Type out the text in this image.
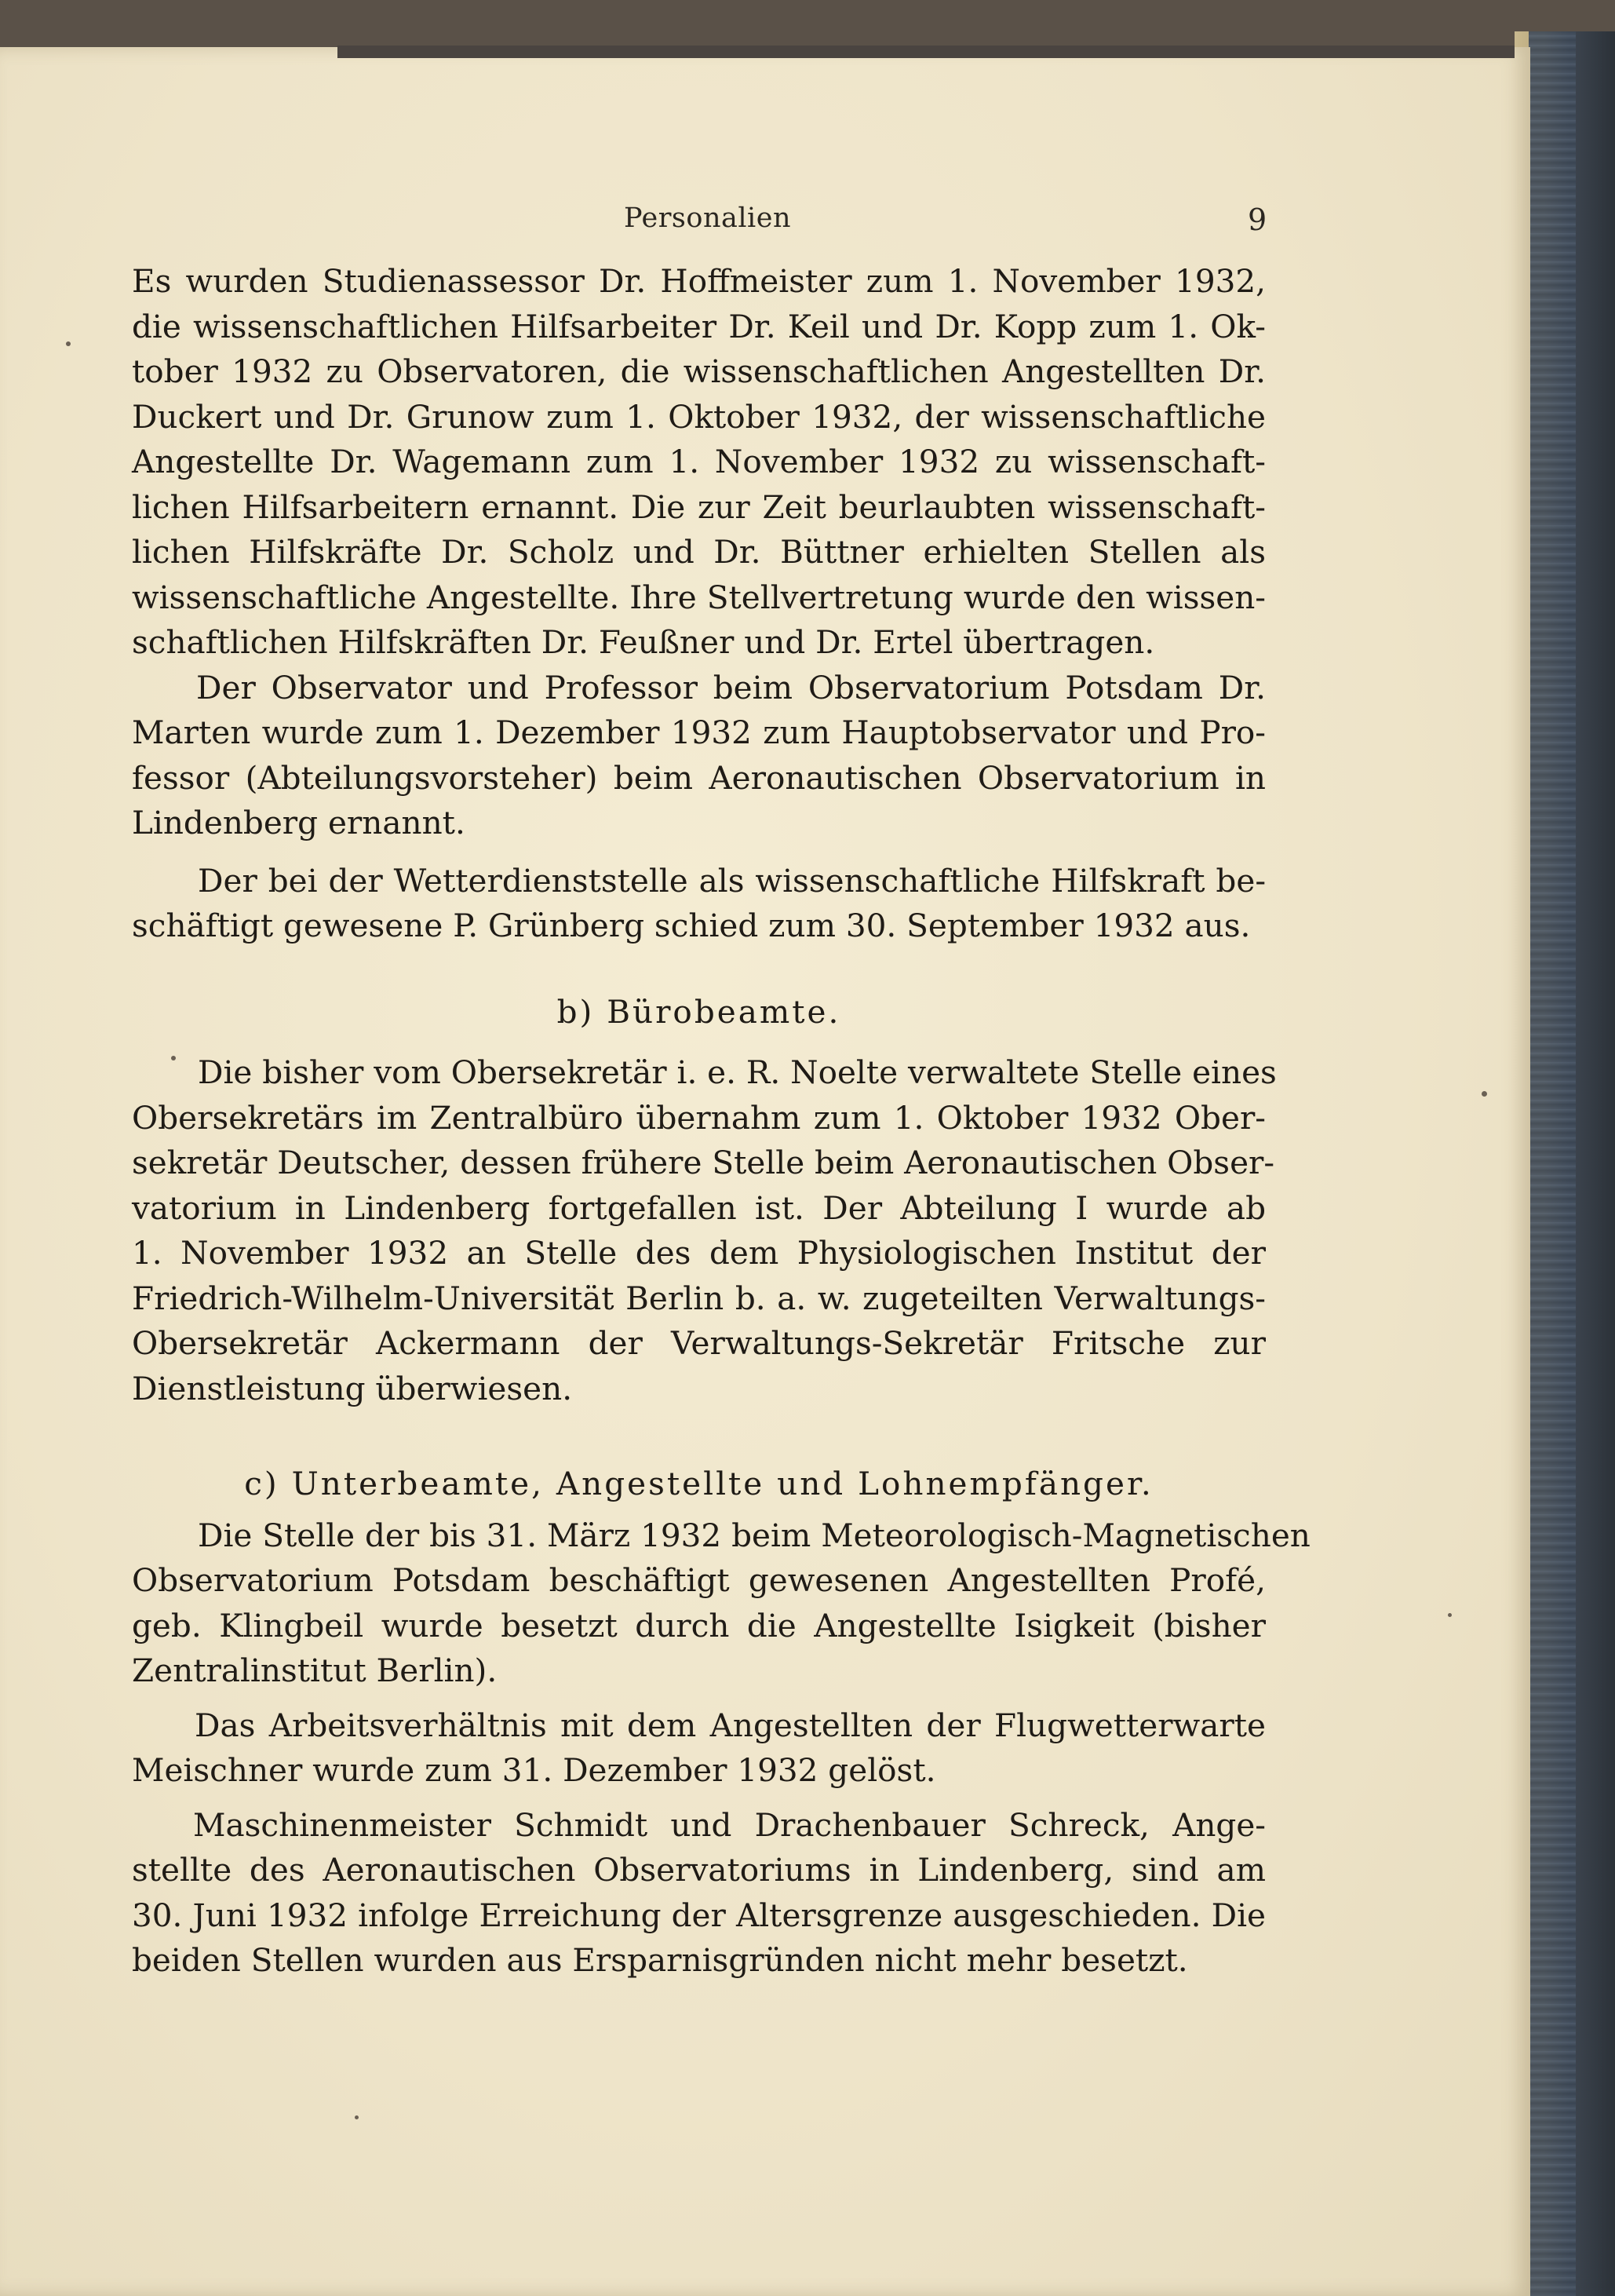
Personalien	9
Es wurden Studienassessor Dr. Hoffmeister zum 1. November 1932,
die wissenschaftlichen Hilfsarbeiter Dr. Keil und Dr. Kopp zum 1. Ok-
tober 1932 zu Observatoren, die wissenschaftlichen Angestellten Dr.
Duckert und Dr. Grunow zum 1. Oktober 1932, der wissenschaftliche
Angestellte Dr. Wagemann zum 1. November 1932 zu wissenschaft-
lichen Hilfsarbeitern ernannt. Die zur Zeit beurlaubten wissenschaft-
lichen Hilfskräfte Dr. Scholz und Dr. Büttner erhielten Stellen als
wissenschaftliche Angestellte. Ihre Stellvertretung wurde den wissen-
schaftlichen Hilfskräften Dr. Feußner und Dr. Ertel übertragen.
Der Observator und Professor beim Observatorium Potsdam Dr.
Marten wurde zum 1. Dezember 1932 zum Hauptobservator und Pro-
fessor (Abteilungsvorsteher) beim Aeronautischen Observatorium in
Lindenberg ernannt.
Der bei der Wetterdienststelle als wissenschaftliche Hilfskraft be-
schäftigt gewesene P. Grünberg schied zum 30. September 1932 aus.
b) Bürobeamte.
Die bisher vom Obersekretär i. e. R. Noelte verwaltete Stelle eines
Obersekretärs im Zentralbüro übernahm zum 1. Oktober 1932 Ober-
sekretär Deutscher, dessen frühere Stelle beim Aeronautischen Obser-
vatorium in Lindenberg fortgefallen ist. Der Abteilung I wurde ab
1. November 1932 an Stelle des dem Physiologischen Institut der
Friedrich-Wilhelm-Universität Berlin b. a. w. zugeteilten Verwaltungs-
Obersekretär Ackermann der Verwaltungs-Sekretär Fritsche zur
Dienstleistung überwiesen.
c) Unterbeamte, Angestellte und Lohnempfänger.
Die Stelle der bis 31. März 1932 beim Meteorologisch-Magnetischen
Observatorium Potsdam beschäftigt gewesenen Angestellten Profé,
geb. Klingbeil wurde besetzt durch die Angestellte Isigkeit (bisher
Zentralinstitut Berlin).
Das Arbeitsverhältnis mit dem Angestellten der Flugwetterwarte
Meischner wurde zum 31. Dezember 1932 gelöst.
Maschinenmeister Schmidt und Drachenbauer Schreck, Ange-
stellte des Aeronautischen Observatoriums in Lindenberg, sind am
30. Juni 1932 infolge Erreichung der Altersgrenze ausgeschieden. Die
beiden Stellen wurden aus Ersparnisgründen nicht mehr besetzt.
